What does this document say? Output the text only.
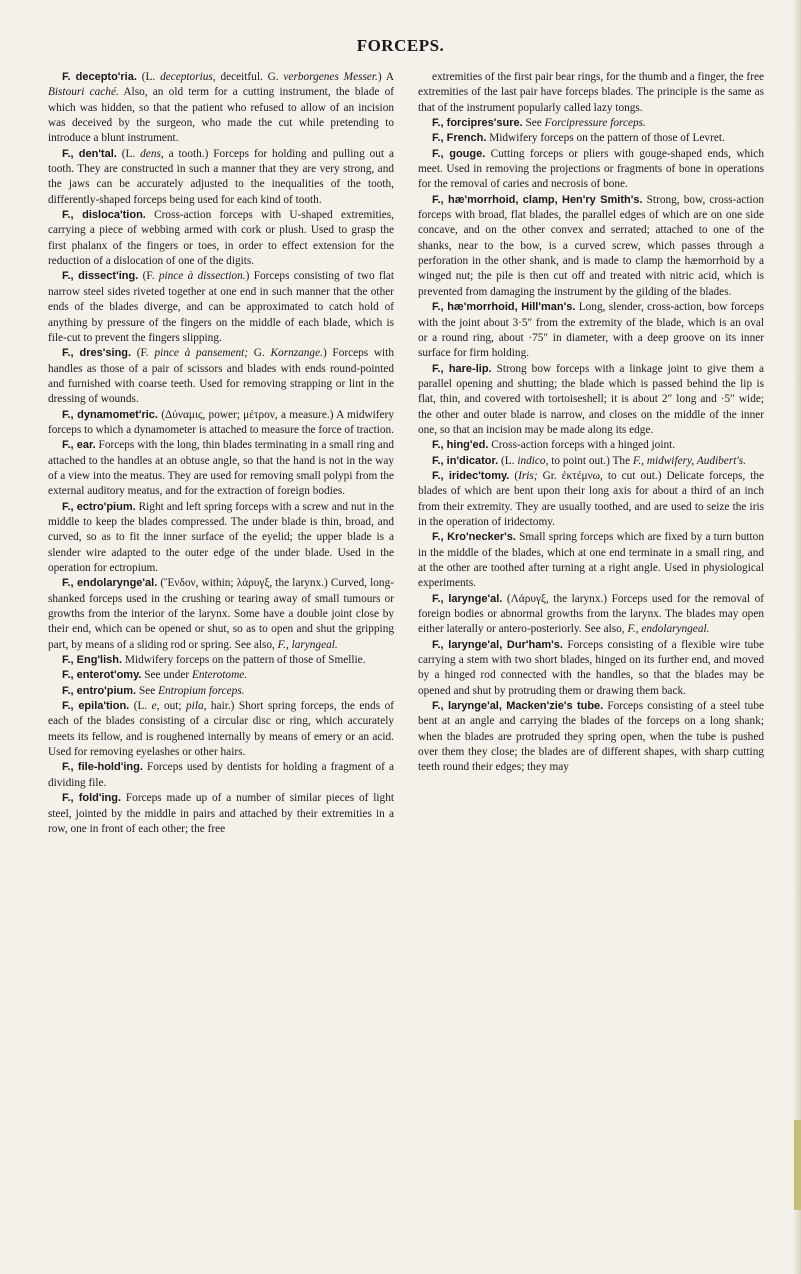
FORCEPS.

F. decepto'ria. (L. deceptorius, deceitful. G. verborgenes Messer.) A Bistouri caché. Also, an old term for a cutting instrument, the blade of which was hidden, so that the patient who refused to allow of an incision was deceived by the surgeon, who made the cut while pretending to introduce a blunt instrument.

F., den'tal. (L. dens, a tooth.) Forceps for holding and pulling out a tooth. They are constructed in such a manner that they are very strong, and the jaws can be accurately adjusted to the inequalities of the tooth, differently-shaped forceps being used for each kind of tooth.

F., disloca'tion. Cross-action forceps with U-shaped extremities, carrying a piece of webbing armed with cork or plush. Used to grasp the first phalanx of the fingers or toes, in order to effect extension for the reduction of a dislocation of one of the digits.

F., dissect'ing. (F. pince à dissection.) Forceps consisting of two flat narrow steel sides riveted together at one end in such manner that the other ends of the blades diverge, and can be approximated to catch hold of anything by pressure of the fingers on the middle of each blade, which is file-cut to prevent the fingers slipping.

F., dres'sing. (F. pince à pansement; G. Kornzange.) Forceps with handles as those of a pair of scissors and blades with ends round-pointed and furnished with coarse teeth. Used for removing strapping or lint in the dressing of wounds.

F., dynamomet'ric. (Δύναμις, power; μέτρον, a measure.) A midwifery forceps to which a dynamometer is attached to measure the force of traction.

F., ear. Forceps with the long, thin blades terminating in a small ring and attached to the handles at an obtuse angle, so that the hand is not in the way of a view into the meatus. They are used for removing small polypi from the external auditory meatus, and for the extraction of foreign bodies.

F., ectro'pium. Right and left spring forceps with a screw and nut in the middle to keep the blades compressed. The under blade is thin, broad, and curved, so as to fit the inner surface of the eyelid; the upper blade is a slender wire adapted to the outer edge of the under blade. Used in the operation for ectropium.

F., endolarynge'al. (Ἔνδον, within; λάρυγξ, the larynx.) Curved, long-shanked forceps used in the crushing or tearing away of small tumours or growths from the interior of the larynx. Some have a double joint close by their end, which can be opened or shut, so as to open and shut the gripping part, by means of a sliding rod or spring. See also, F., laryngeal.

F., Eng'lish. Midwifery forceps on the pattern of those of Smellie.

F., enterot'omy. See under Enterotome.

F., entro'pium. See Entropium forceps.

F., epila'tion. (L. e, out; pila, hair.) Short spring forceps, the ends of each of the blades consisting of a circular disc or ring, which accurately meets its fellow, and is roughened internally by means of emery or an acid. Used for removing eyelashes or other hairs.

F., file-hold'ing. Forceps used by dentists for holding a fragment of a dividing file.

F., fold'ing. Forceps made up of a number of similar pieces of light steel, jointed by the middle in pairs and attached by their extremities in a row, one in front of each other; the free

extremities of the first pair bear rings, for the thumb and a finger, the free extremities of the last pair have forceps blades. The principle is the same as that of the instrument popularly called lazy tongs.

F., forcipres'sure. See Forcipressure forceps.

F., French. Midwifery forceps on the pattern of those of Levret.

F., gouge. Cutting forceps or pliers with gouge-shaped ends, which meet. Used in removing the projections or fragments of bone in operations for the removal of caries and necrosis of bone.

F., hæ'morrhoid, clamp, Hen'ry Smith's. Strong, bow, cross-action forceps with broad, flat blades, the parallel edges of which are on one side concave, and on the other convex and serrated; attached to one of the shanks, near to the bow, is a curved screw, which passes through a perforation in the other shank, and is made to clamp the hæmorrhoid by a winged nut; the pile is then cut off and treated with nitric acid, which is prevented from damaging the instrument by the gilding of the blades.

F., hæ'morrhoid, Hill'man's. Long, slender, cross-action, bow forceps with the joint about 3·5″ from the extremity of the blade, which is an oval or a round ring, about ·75″ in diameter, with a deep groove on its inner surface for firm holding.

F., hare-lip. Strong bow forceps with a linkage joint to give them a parallel opening and shutting; the blade which is passed behind the lip is flat, thin, and covered with tortoiseshell; it is about 2″ long and ·5″ wide; the other and outer blade is narrow, and closes on the middle of the inner one, so that an incision may be made along its edge.

F., hing'ed. Cross-action forceps with a hinged joint.

F., in'dicator. (L. indico, to point out.) The F., midwifery, Audibert's.

F., iridec'tomy. (Iris; Gr. ἐκτέμνω, to cut out.) Delicate forceps, the blades of which are bent upon their long axis for about a third of an inch from their extremity. They are usually toothed, and are used to seize the iris in the operation of iridectomy.

F., Kro'necker's. Small spring forceps which are fixed by a turn button in the middle of the blades, which at one end terminate in a small ring, and at the other are toothed after turning at a right angle. Used in physiological experiments.

F., larynge'al. (Λάρυγξ, the larynx.) Forceps used for the removal of foreign bodies or abnormal growths from the larynx. The blades may open either laterally or antero-posteriorly. See also, F., endolaryngeal.

F., larynge'al, Dur'ham's. Forceps consisting of a flexible wire tube carrying a stem with two short blades, hinged on its further end, and moved by a hinged rod connected with the handles, so that the blades may be opened and shut by protruding them or drawing them back.

F., larynge'al, Macken'zie's tube. Forceps consisting of a steel tube bent at an angle and carrying the blades of the forceps on a long shank; when the blades are protruded they spring open, when the tube is pushed over them they close; the blades are of different shapes, with sharp cutting teeth round their edges; they may
